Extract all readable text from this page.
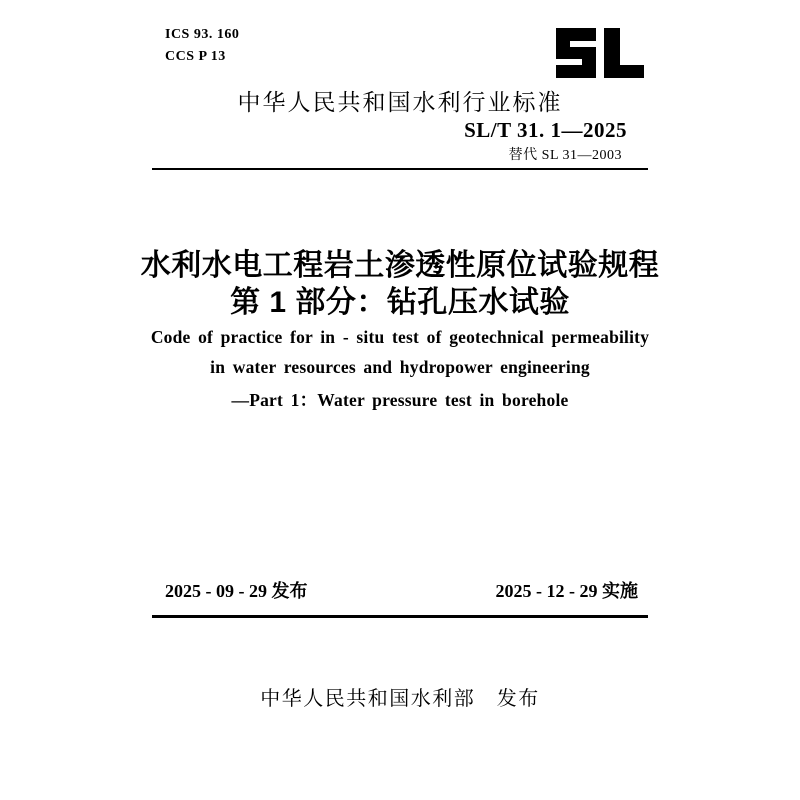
ICS 93. 160
CCS P 13
中华人民共和国水利行业标准
SL/T 31. 1—2025
替代 SL 31—2003
水利水电工程岩土渗透性原位试验规程
第 1 部分：钻孔压水试验
Code of practice for in - situ test of geotechnical permeability
in water resources and hydropower engineering
—Part 1：Water pressure test in borehole
2025 - 09 - 29 发布	2025 - 12 - 29 实施
中华人民共和国水利部　发布
